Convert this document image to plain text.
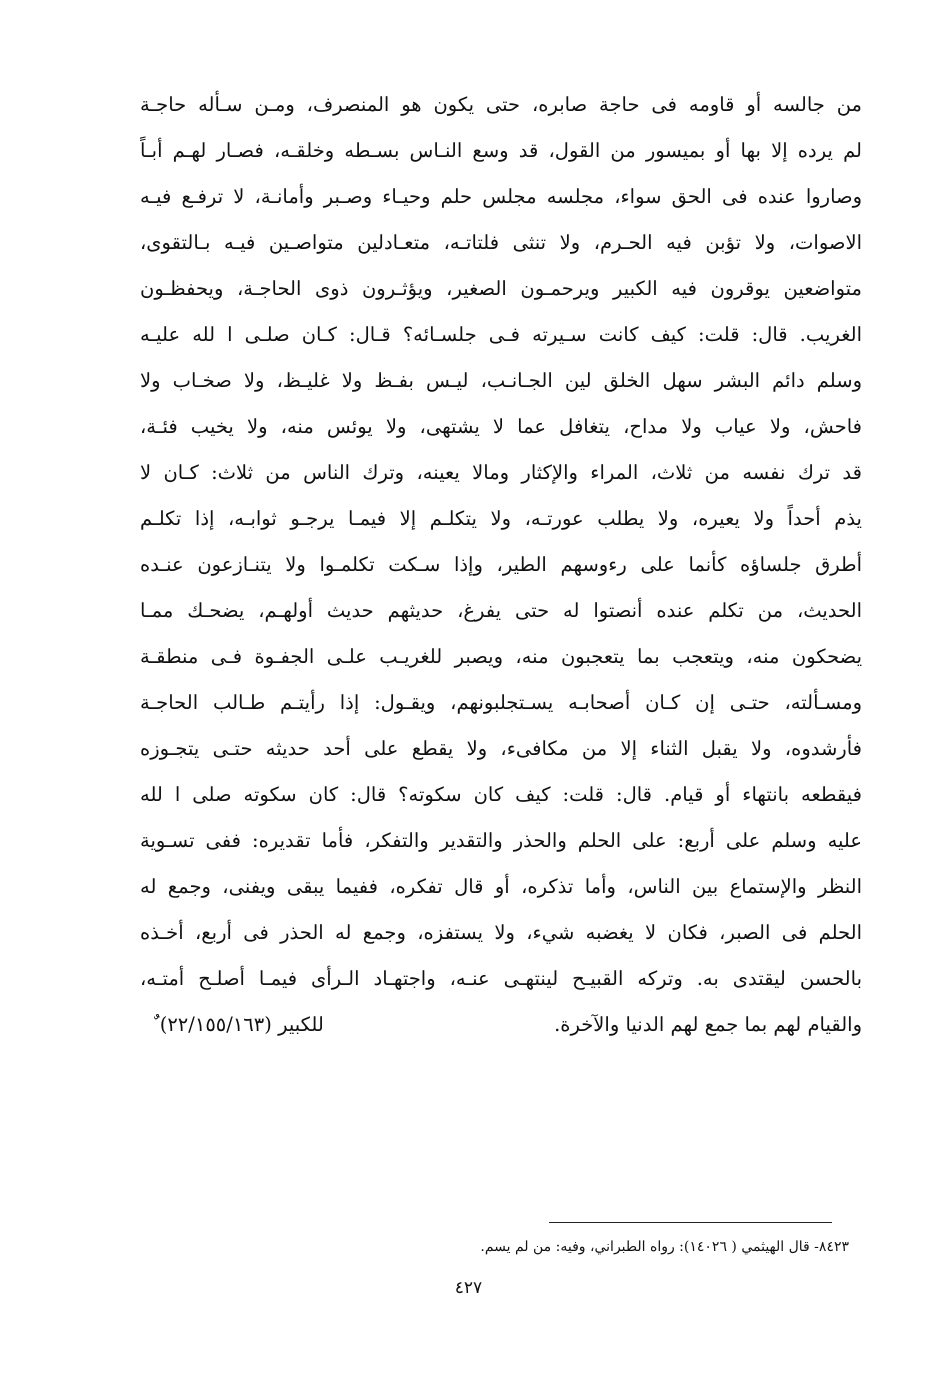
من جالسه أو قاومه فى حاجة صابره، حتى يكون هو المنصرف، ومـن سـأله حاجـة
لم يرده إلا بها أو بميسور من القول، قد وسع النـاس بسـطه وخلقـه، فصـار لهـم أبـاً
وصاروا عنده فى الحق سواء، مجلسه مجلس حلم وحيـاء وصـبر وأمانـة، لا ترفـع فيـه
الاصوات، ولا تؤبن فيه الحـرم، ولا تنثى فلتاتـه، متعـادلين متواصـين فيـه بـالتقوى،
متواضعين يوقرون فيه الكبير ويرحمـون الصغير، ويؤثـرون ذوى الحاجـة، ويحفظـون
الغريب. قال: قلت: كيف كانت سـيرته فـى جلسـائه؟ قـال: كـان صلـى ا لله عليـه
وسلم دائم البشر سهل الخلق لين الجـانـب، ليـس بفـظ ولا غليـظ، ولا صخـاب ولا
فاحش، ولا عياب ولا مداح، يتغافل عما لا يشتهى، ولا يوئس منه، ولا يخيب فئـة،
قد ترك نفسه من ثلاث، المراء والإكثار ومالا يعينه، وترك الناس من ثلاث: كـان لا
يذم أحداً ولا يعيره، ولا يطلب عورتـه، ولا يتكلـم إلا فيمـا يرجـو ثوابـه، إذا تكلـم
أطرق جلساؤه كأنما على رءوسهم الطير، وإذا سـكت تكلمـوا ولا يتنـازعون عنـده
الحديث، من تكلم عنده أنصتوا له حتى يفرغ، حديثهم حديث أولهـم، يضحـك ممـا
يضحكون منه، ويتعجب بما يتعجبون منه، ويصبر للغريـب علـى الجفـوة فـى منطقـة
ومسـألته، حتـى إن كـان أصحابـه يسـتجلبونهم، ويقـول: إذا رأيتـم طـالب الحاجـة
فأرشدوه، ولا يقبل الثناء إلا من مكافىء، ولا يقطع على أحد حديثه حتـى يتجـوزه
فيقطعه بانتهاء أو قيام. قال: قلت: كيف كان سكوته؟ قال: كان سكوته صلى ا لله
عليه وسلم على أربع: على الحلم والحذر والتقدير والتفكر، فأما تقديره: ففى تسـوية
النظر والإستماع بين الناس، وأما تذكره، أو قال تفكره، ففيما يبقى ويفنى، وجمع له
الحلم فى الصبر، فكان لا يغضبه شيء، ولا يستفزه، وجمع له الحذر فى أربع، أخـذه
بالحسن ليقتدى به. وتركه القبيـح لينتهـى عنـه، واجتهـاد الـرأى فيمـا أصلـح أمتـه،
والقيام لهم بما جمع لهم الدنيا والآخرة.
للكبير (٢٢/١٥٥/١٦٣) ٌ
٨٤٢٣- قال الهيثمي ( ١٤٠٢٦): رواه الطبراني، وفيه: من لم يسم.
٤٢٧
